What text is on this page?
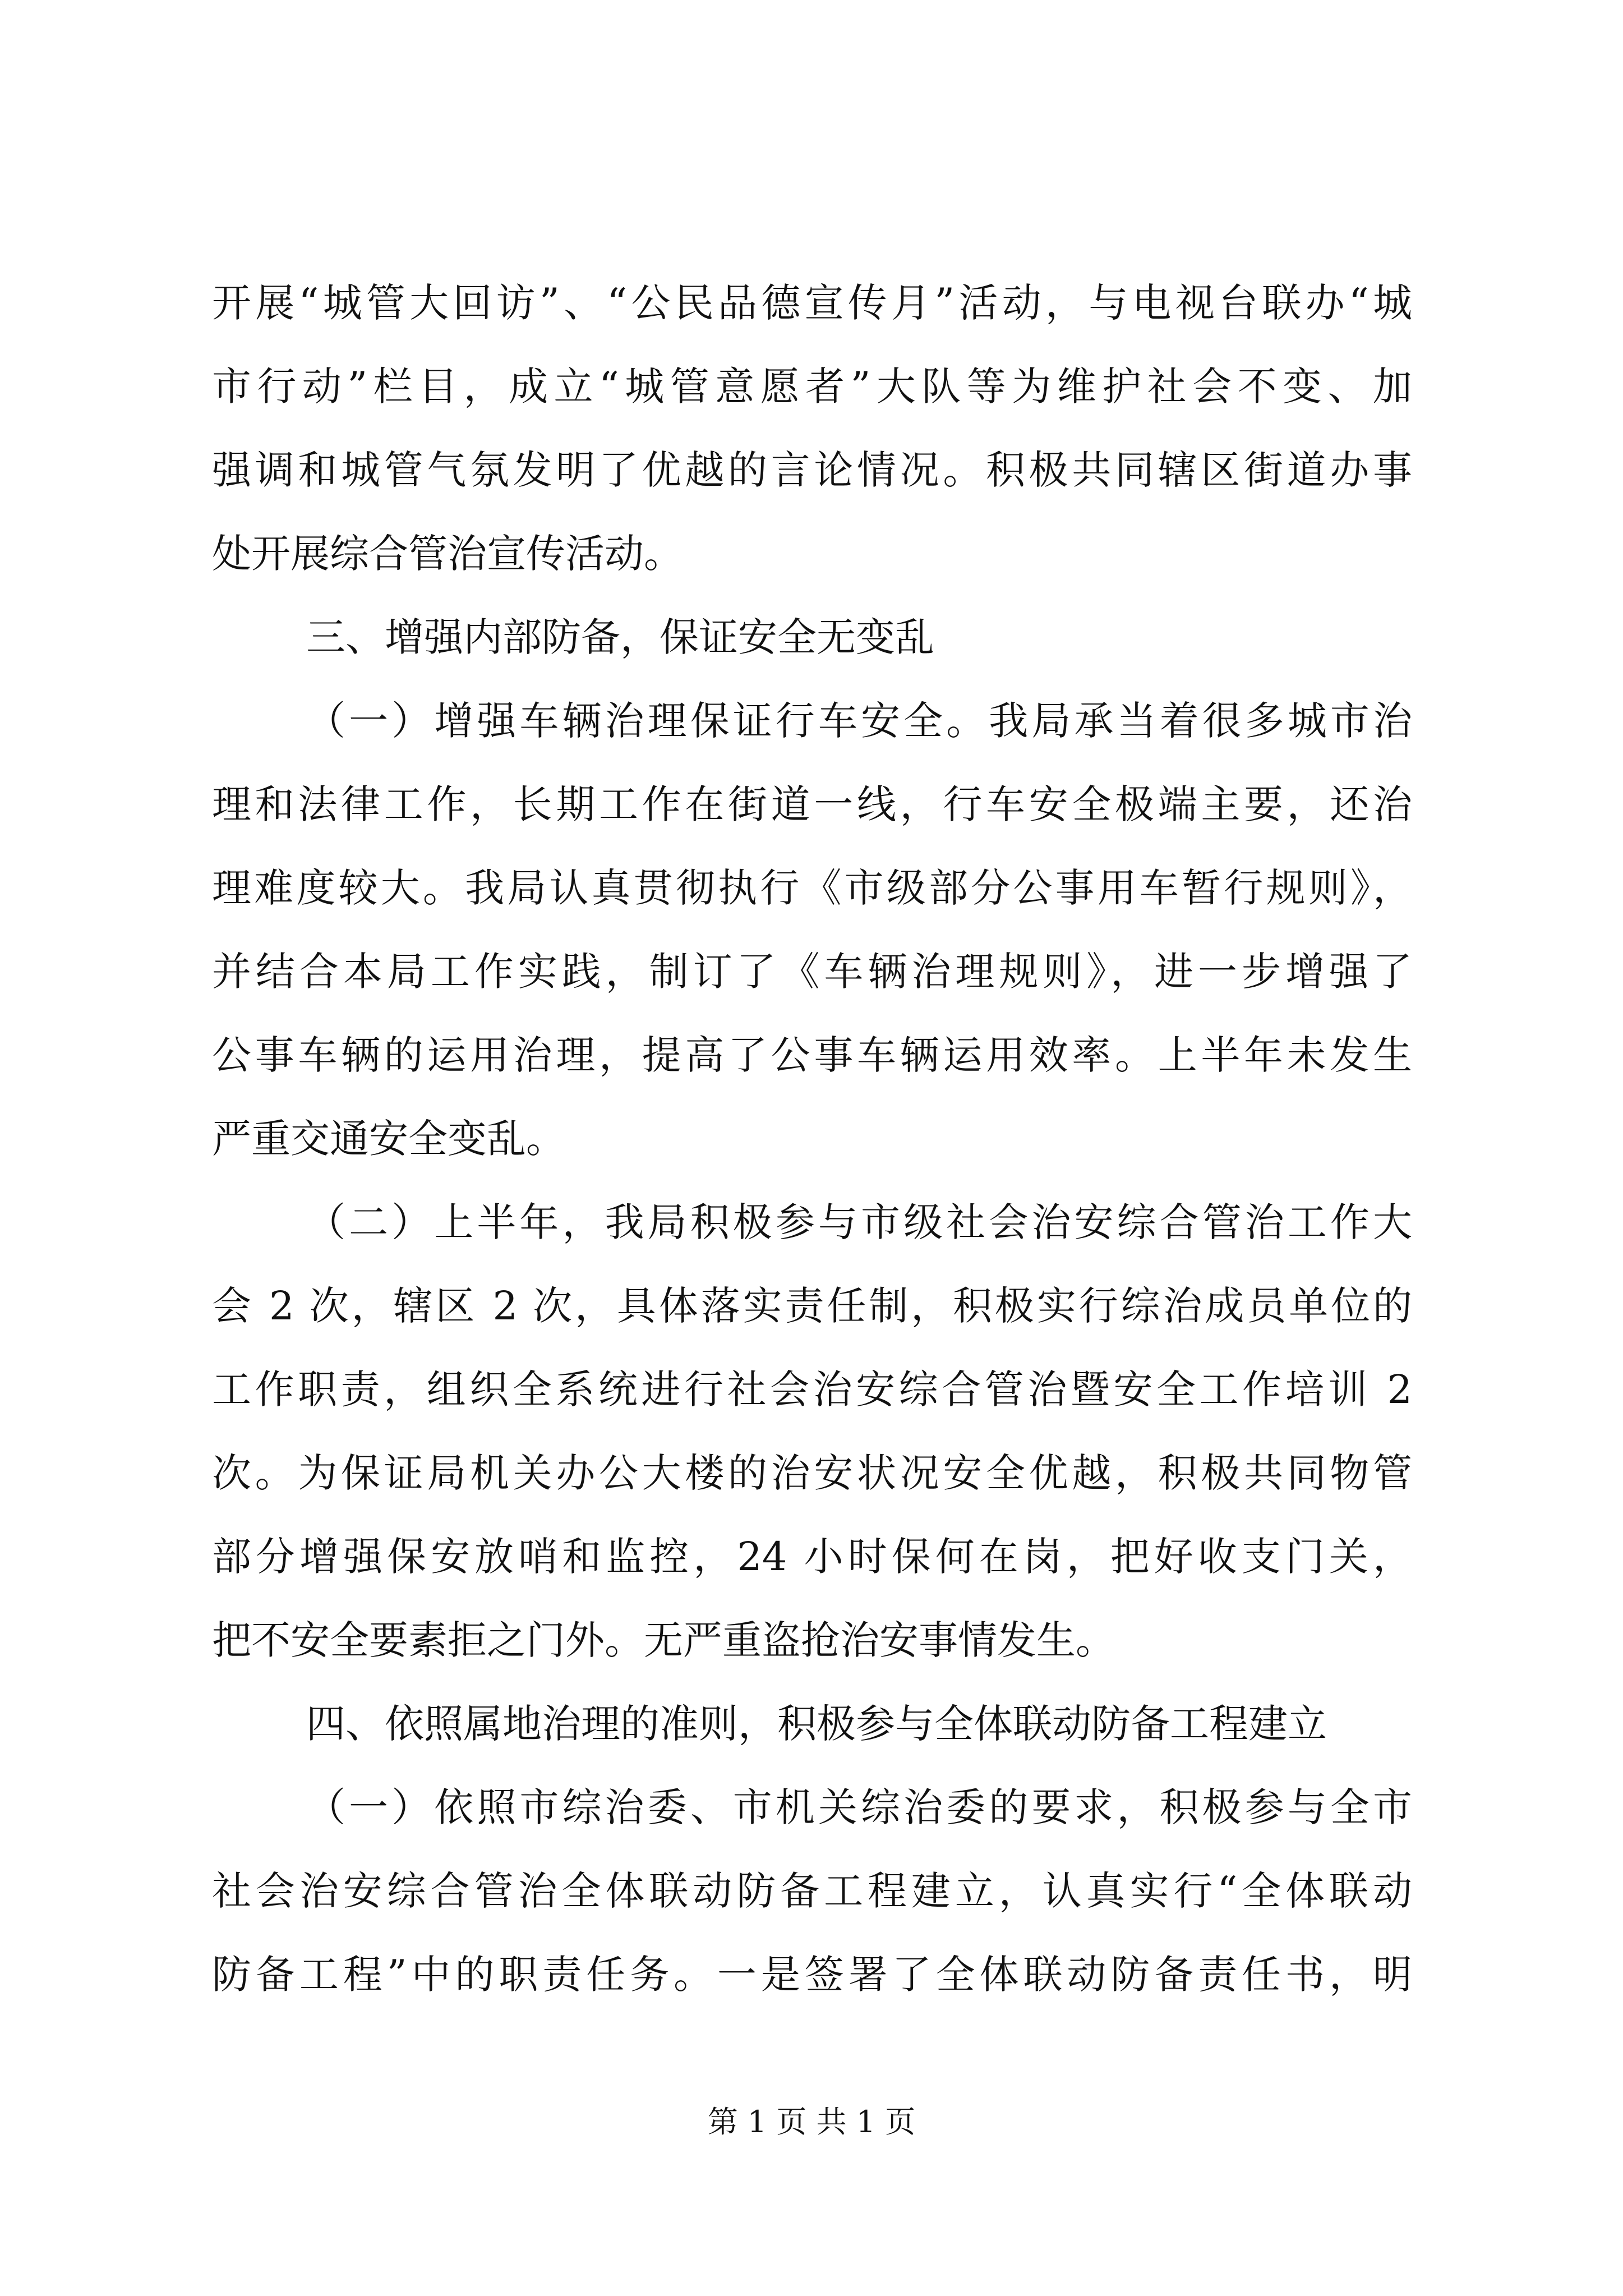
开展“城管大回访”、“公民品德宣传月”活动，与电视台联办“城
市行动”栏目，成立“城管意愿者”大队等为维护社会不变、加
强调和城管气氛发明了优越的言论情况。积极共同辖区街道办事
处开展综合管治宣传活动。
三、增强内部防备，保证安全无变乱
（一）增强车辆治理保证行车安全。我局承当着很多城市治
理和法律工作，长期工作在街道一线，行车安全极端主要，还治
理难度较大。我局认真贯彻执行《市级部分公事用车暂行规则》，
并结合本局工作实践，制订了《车辆治理规则》，进一步增强了
公事车辆的运用治理，提高了公事车辆运用效率。上半年未发生
严重交通安全变乱。
（二）上半年，我局积极参与市级社会治安综合管治工作大
会 2 次，辖区 2 次，具体落实责任制，积极实行综治成员单位的
工作职责，组织全系统进行社会治安综合管治暨安全工作培训 2
次。为保证局机关办公大楼的治安状况安全优越，积极共同物管
部分增强保安放哨和监控，24 小时保何在岗，把好收支门关，
把不安全要素拒之门外。无严重盗抢治安事情发生。
四、依照属地治理的准则，积极参与全体联动防备工程建立
（一）依照市综治委、市机关综治委的要求，积极参与全市
社会治安综合管治全体联动防备工程建立，认真实行“全体联动
防备工程”中的职责任务。一是签署了全体联动防备责任书，明
第 1 页 共 1 页
